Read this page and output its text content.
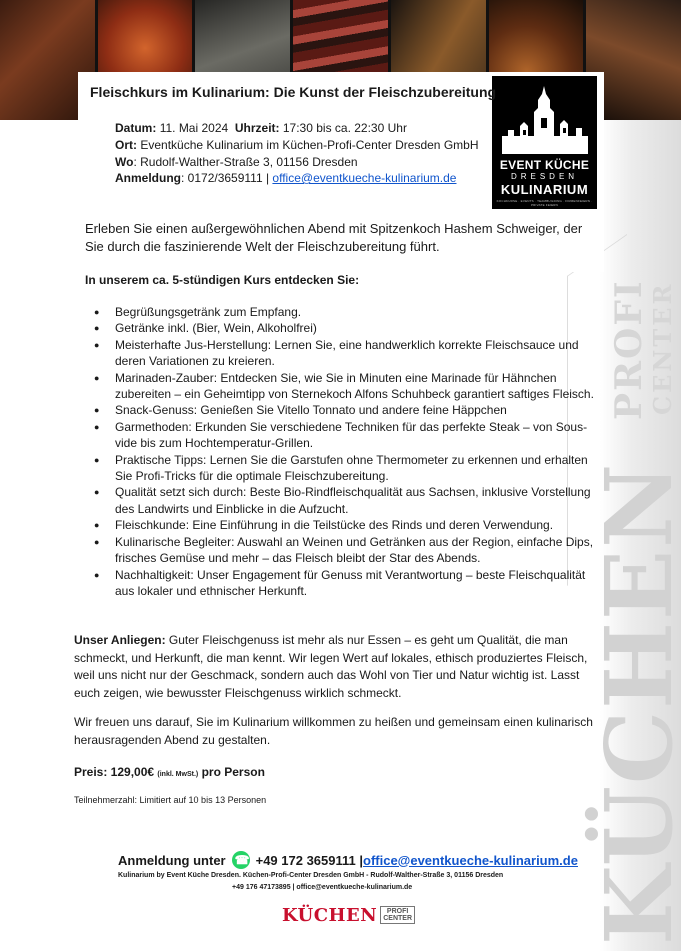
PROFI
CENTER
KÜCHEN
EVENT KÜCHE
DRESDEN
KULINARIUM
KOCHKURSE · EVENTS · TEAMBUILDING · FIRMENFEIERN · PRIVATE FEIERN
Fleischkurs im Kulinarium: Die Kunst der Fleischzubereitung
Datum: 11. Mai 2024 Uhrzeit: 17:30 bis ca. 22:30 Uhr
Ort: Eventküche Kulinarium im Küchen-Profi-Center Dresden GmbH
Wo: Rudolf-Walther-Straße 3, 01156 Dresden
Anmeldung: 0172/3659111 | office@eventkueche-kulinarium.de
Erleben Sie einen außergewöhnlichen Abend mit Spitzenkoch Hashem Schweiger, der Sie durch die faszinierende Welt der Fleischzubereitung führt.
In unserem ca. 5-stündigen Kurs entdecken Sie:
● Begrüßungsgetränk zum Empfang.
● Getränke inkl. (Bier, Wein, Alkoholfrei)
● Meisterhafte Jus-Herstellung: Lernen Sie, eine handwerklich korrekte Fleischsauce und deren Variationen zu kreieren.
● Marinaden-Zauber: Entdecken Sie, wie Sie in Minuten eine Marinade für Hähnchen zubereiten – ein Geheimtipp von Sternekoch Alfons Schuhbeck garantiert saftiges Fleisch.
● Snack-Genuss: Genießen Sie Vitello Tonnato und andere feine Häppchen
● Garmethoden: Erkunden Sie verschiedene Techniken für das perfekte Steak – von Sous-vide bis zum Hochtemperatur-Grillen.
● Praktische Tipps: Lernen Sie die Garstufen ohne Thermometer zu erkennen und erhalten Sie Profi-Tricks für die optimale Fleischzubereitung.
● Qualität setzt sich durch: Beste Bio-Rindfleischqualität aus Sachsen, inklusive Vorstellung des Landwirts und Einblicke in die Aufzucht.
● Fleischkunde: Eine Einführung in die Teilstücke des Rinds und deren Verwendung.
● Kulinarische Begleiter: Auswahl an Weinen und Getränken aus der Region, einfache Dips, frisches Gemüse und mehr – das Fleisch bleibt der Star des Abends.
● Nachhaltigkeit: Unser Engagement für Genuss mit Verantwortung – beste Fleischqualität aus lokaler und ethnischer Herkunft.
Unser Anliegen: Guter Fleischgenuss ist mehr als nur Essen – es geht um Qualität, die man schmeckt, und Herkunft, die man kennt. Wir legen Wert auf lokales, ethisch produziertes Fleisch, weil uns nicht nur der Geschmack, sondern auch das Wohl von Tier und Natur wichtig ist. Lasst euch zeigen, wie bewusster Fleischgenuss wirklich schmeckt.
Wir freuen uns darauf, Sie im Kulinarium willkommen zu heißen und gemeinsam einen kulinarisch herausragenden Abend zu gestalten.
Preis: 129,00€ (inkl. MwSt.) pro Person
Teilnehmerzahl: Limitiert auf 10 bis 13 Personen
Anmeldung unter
☎ +49 172 3659111 | office@eventkueche-kulinarium.de
Kulinarium by Event Küche Dresden. Küchen-Profi-Center Dresden GmbH - Rudolf-Walther-Straße 3, 01156 Dresden
+49 176 47173895 | office@eventkueche-kulinarium.de
KÜCHEN	PROFI
CENTER
